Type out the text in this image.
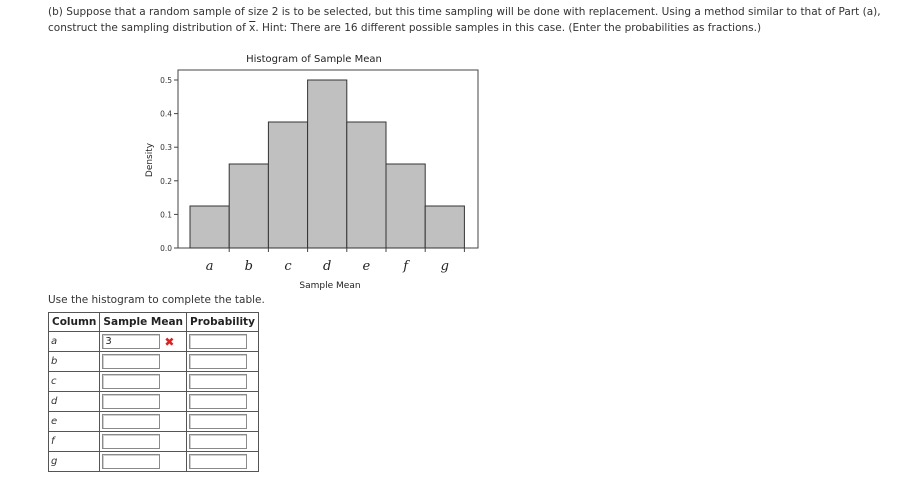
(b) Suppose that a random sample of size 2 is to be selected, but this time sampling will be done with replacement. Using a method similar to that of Part (a), construct the sampling distribution of $\overline{x}$. Hint: There are 16 different possible samples in this case. (Enter the probabilities as fractions.)
Histogram of Sample Mean
0.0
0.1
0.2
0.3
0.4
0.5
a b c d e	f	g
Density
Sample Mean
Use the histogram to complete the table.
Column	Sample Mean	Probability
a	3 ✖	
b		
c		
d		
e		
f		
g		
